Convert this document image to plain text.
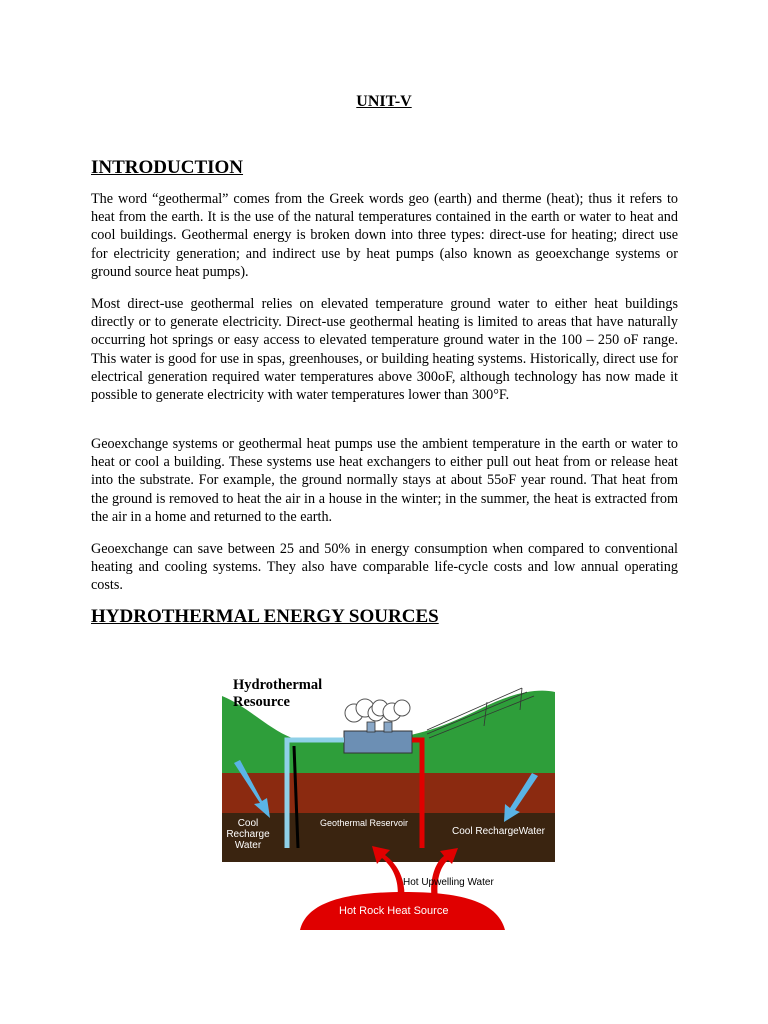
UNIT-V
INTRODUCTION

The word “geothermal” comes from the Greek words geo (earth) and therme (heat); thus it refers to heat from the earth. It is the use of the natural temperatures contained in the earth or water to heat and cool buildings. Geothermal energy is broken down into three types: direct-use for heating; direct use for electricity generation; and indirect use by heat pumps (also known as geoexchange systems or ground source heat pumps).

Most direct-use geothermal relies on elevated temperature ground water to either heat buildings directly or to generate electricity. Direct-use geothermal heating is limited to areas that have naturally occurring hot springs or easy access to elevated temperature ground water in the 100 – 250 oF range. This water is good for use in spas, greenhouses, or building heating systems. Historically, direct use for electrical generation required water temperatures above 300oF, although technology has now made it possible to generate electricity with water temperatures lower than 300°F.

Geoexchange systems or geothermal heat pumps use the ambient temperature in the earth or water to heat or cool a building. These systems use heat exchangers to either pull out heat from or release heat into the substrate. For example, the ground normally stays at about 55oF year round. That heat from the ground is removed to heat the air in a house in the winter; in the summer, the heat is extracted from the air in a home and returned to the earth.

Geoexchange can save between 25 and 50% in energy consumption when compared to conventional heating and cooling systems. They also have comparable life-cycle costs and low annual operating costs.

HYDROTHERMAL ENERGY SOURCES
Hydrothermal
Resource
Cool
Recharge
Water
Geothermal Reservoir
Cool RechargeWater
Hot Upwelling Water
Hot Rock Heat Source
